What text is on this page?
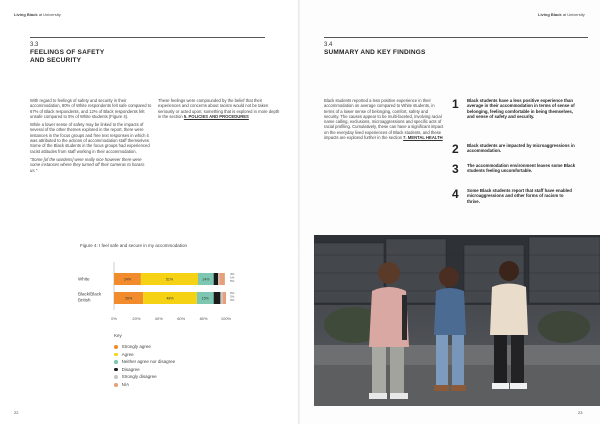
Living Black at University
3.3
FEELINGS OF SAFETY
AND SECURITY

With regard to feelings of safety and security in their accommodation, 80% of White respondents felt safe compared to 67% of Black respondents, and 12% of Black respondents felt unsafe compared to 5% of White students (Figure 4).

While a lower sense of safety may be linked to the impacts of several of the other themes explored in the report, there were instances in the focus groups and free text responses in which it was attributed to the actions of accommodation staff themselves. Some of the Black students in the focus groups had experienced racist attitudes from staff working in their accommodation.

"Some [of the wardens] were really nice however there were some instances where they turned off their cameras to harass us."

These feelings were compounded by the belief that their experiences and concerns about racism would not be taken seriously or acted upon; something that is explored in more depth in the section 5. POLICIES AND PROCEDURES
Figure 4: I feel safe and secure in my accommodation
White	24%	51%	14%
4%
1%
5%
Black/Black
British	26%	48%	15%
6%
2%
3%
0%	20%	40%	60%	80%	100%
Key
Strongly agree
Agree
Neither agree nor disagree
Disagree
Strongly disagree
N/A
22
Living Black at University
3.4
SUMMARY AND KEY FINDINGS
Black students reported a less positive experience in their accommodation on average compared to White students, in terms of a lower sense of belonging, comfort, safety and security. The causes appear to be multi-faceted, involving racial name calling, exclusions, microaggressions and specific acts of racial profiling. Cumulatively, these can have a significant impact on the everyday lived experiences of Black students, and these impacts are explored further in the section 7. MENTAL HEALTH
1	Black students have a less positive experience than average in their accommodation in terms of sense of belonging, feeling comfortable in being themselves, and sense of safety and security.
2	Black students are impacted by microaggressions in accommodation.
3	The accommodation environment leaves some Black students feeling uncomfortable.
4	Some Black students report that staff have enabled microaggressions and other forms of racism to thrive.
23
